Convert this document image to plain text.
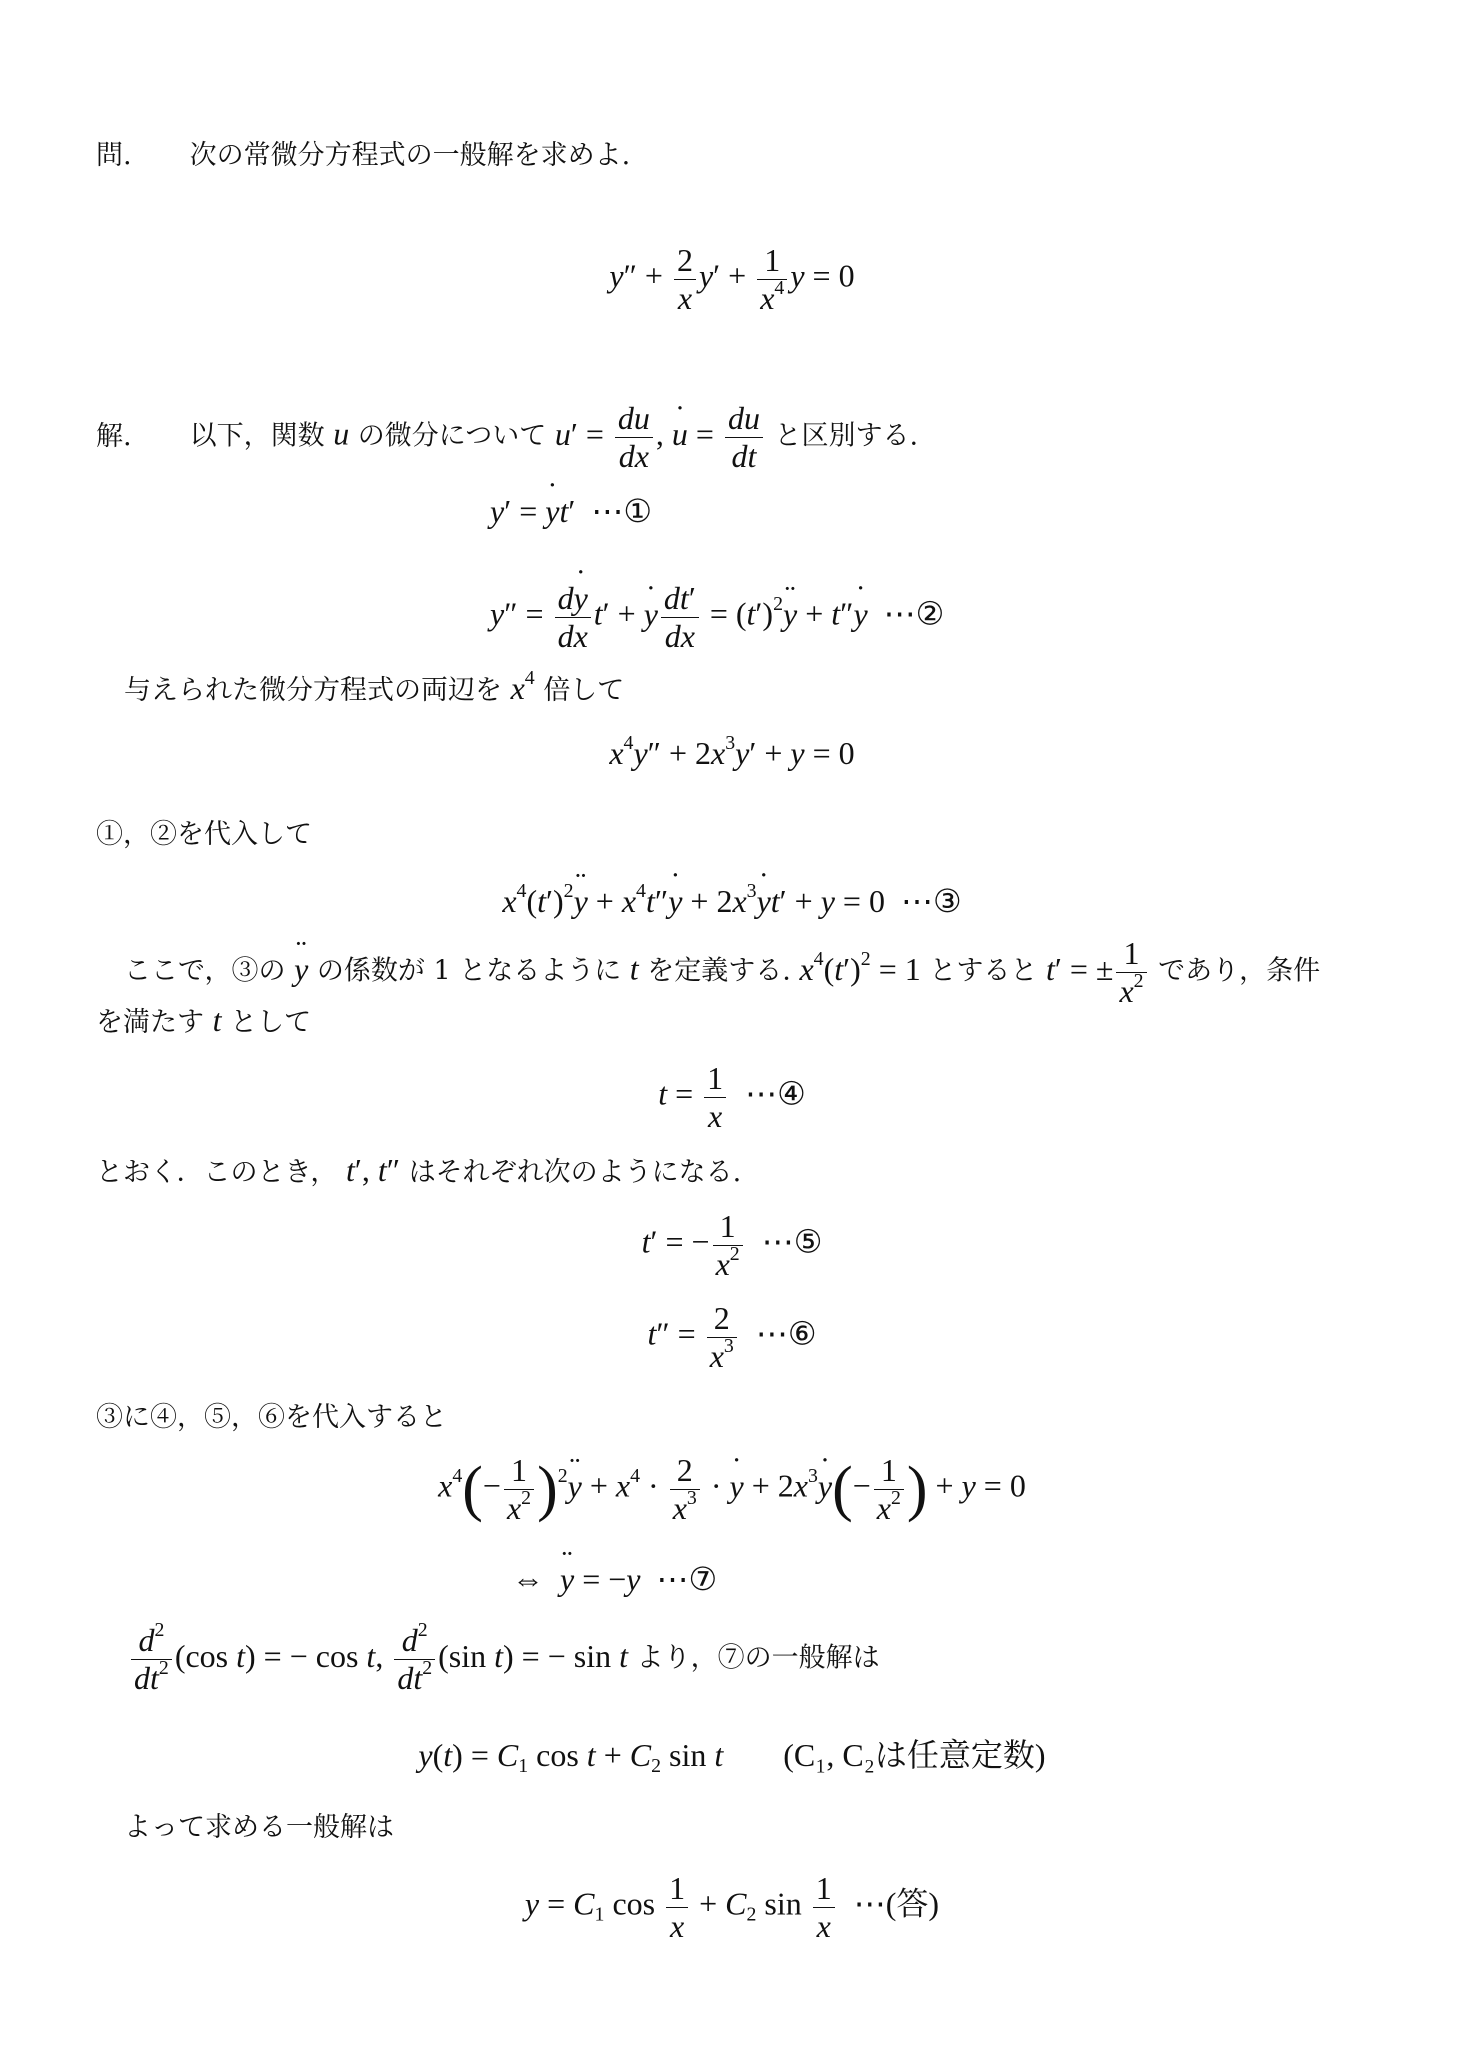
問. 次の常微分方程式の一般解を求めよ.
$y'' + \frac{2}{x} y' + \frac{1}{x^4}$ y = 0
解. 以下，関数 u の微分について $u' = \frac{du}{dx}$ , ˙ $u = \frac{du}{dt}$ と区別する.
y′ = ˙ yt′  ⋯①
$y'' = \frac{d˙ y}{dx} t'$ + ˙ y $\frac{dt'}{dx}$ = $(t')^2¨$ y + t″˙ y  ⋯②
与えられた微分方程式の両辺を $x^4$ 倍して
$x^4y'' + 2x^3y' + y = 0$
①，②を代入して
$x^4(t')^2¨$ $y + x^4t''˙$ $y + 2x^3˙$ yt′ + y = 0  ⋯③
ここで，③の ¨ y の係数が 1 となるように t を定義する. $x^4(t')^2 = 1$ とすると t′ = ± $\frac{1}{x^2}$ であり，条件
を満たす t として
$t = \frac{1}{x}$ ⋯④
とおく．このとき， t′, t″ はそれぞれ次のようになる.
t′ = − $\frac{1}{x^2}$ ⋯⑤
$t'' = \frac{2}{x^3}$ ⋯⑥
③に④，⑤，⑥を代入すると
$x^4(- \frac{1}{x^2}$ )$^2¨$ $y + x^4 \cdot \frac{2}{x^3}$ · ˙ $y + 2x^3˙$ $y(- \frac{1}{x^2}$ ) + y = 0
⇔  ¨ y = −y  ⋯⑦
$\frac{d^2}{dt^2} (\cos$ t) = − cos t, $\frac{d^2}{dt^2} (\sin$ t) = − sin t より，⑦の一般解は
$y(t) = C_1$ $\cos t + C_2$ sin t (C₁, C₂は任意定数)
よって求める一般解は
$y = C_1$ $\cos \frac{1}{x} + C_2$ $\sin \frac{1}{x}$ ⋯(答)
